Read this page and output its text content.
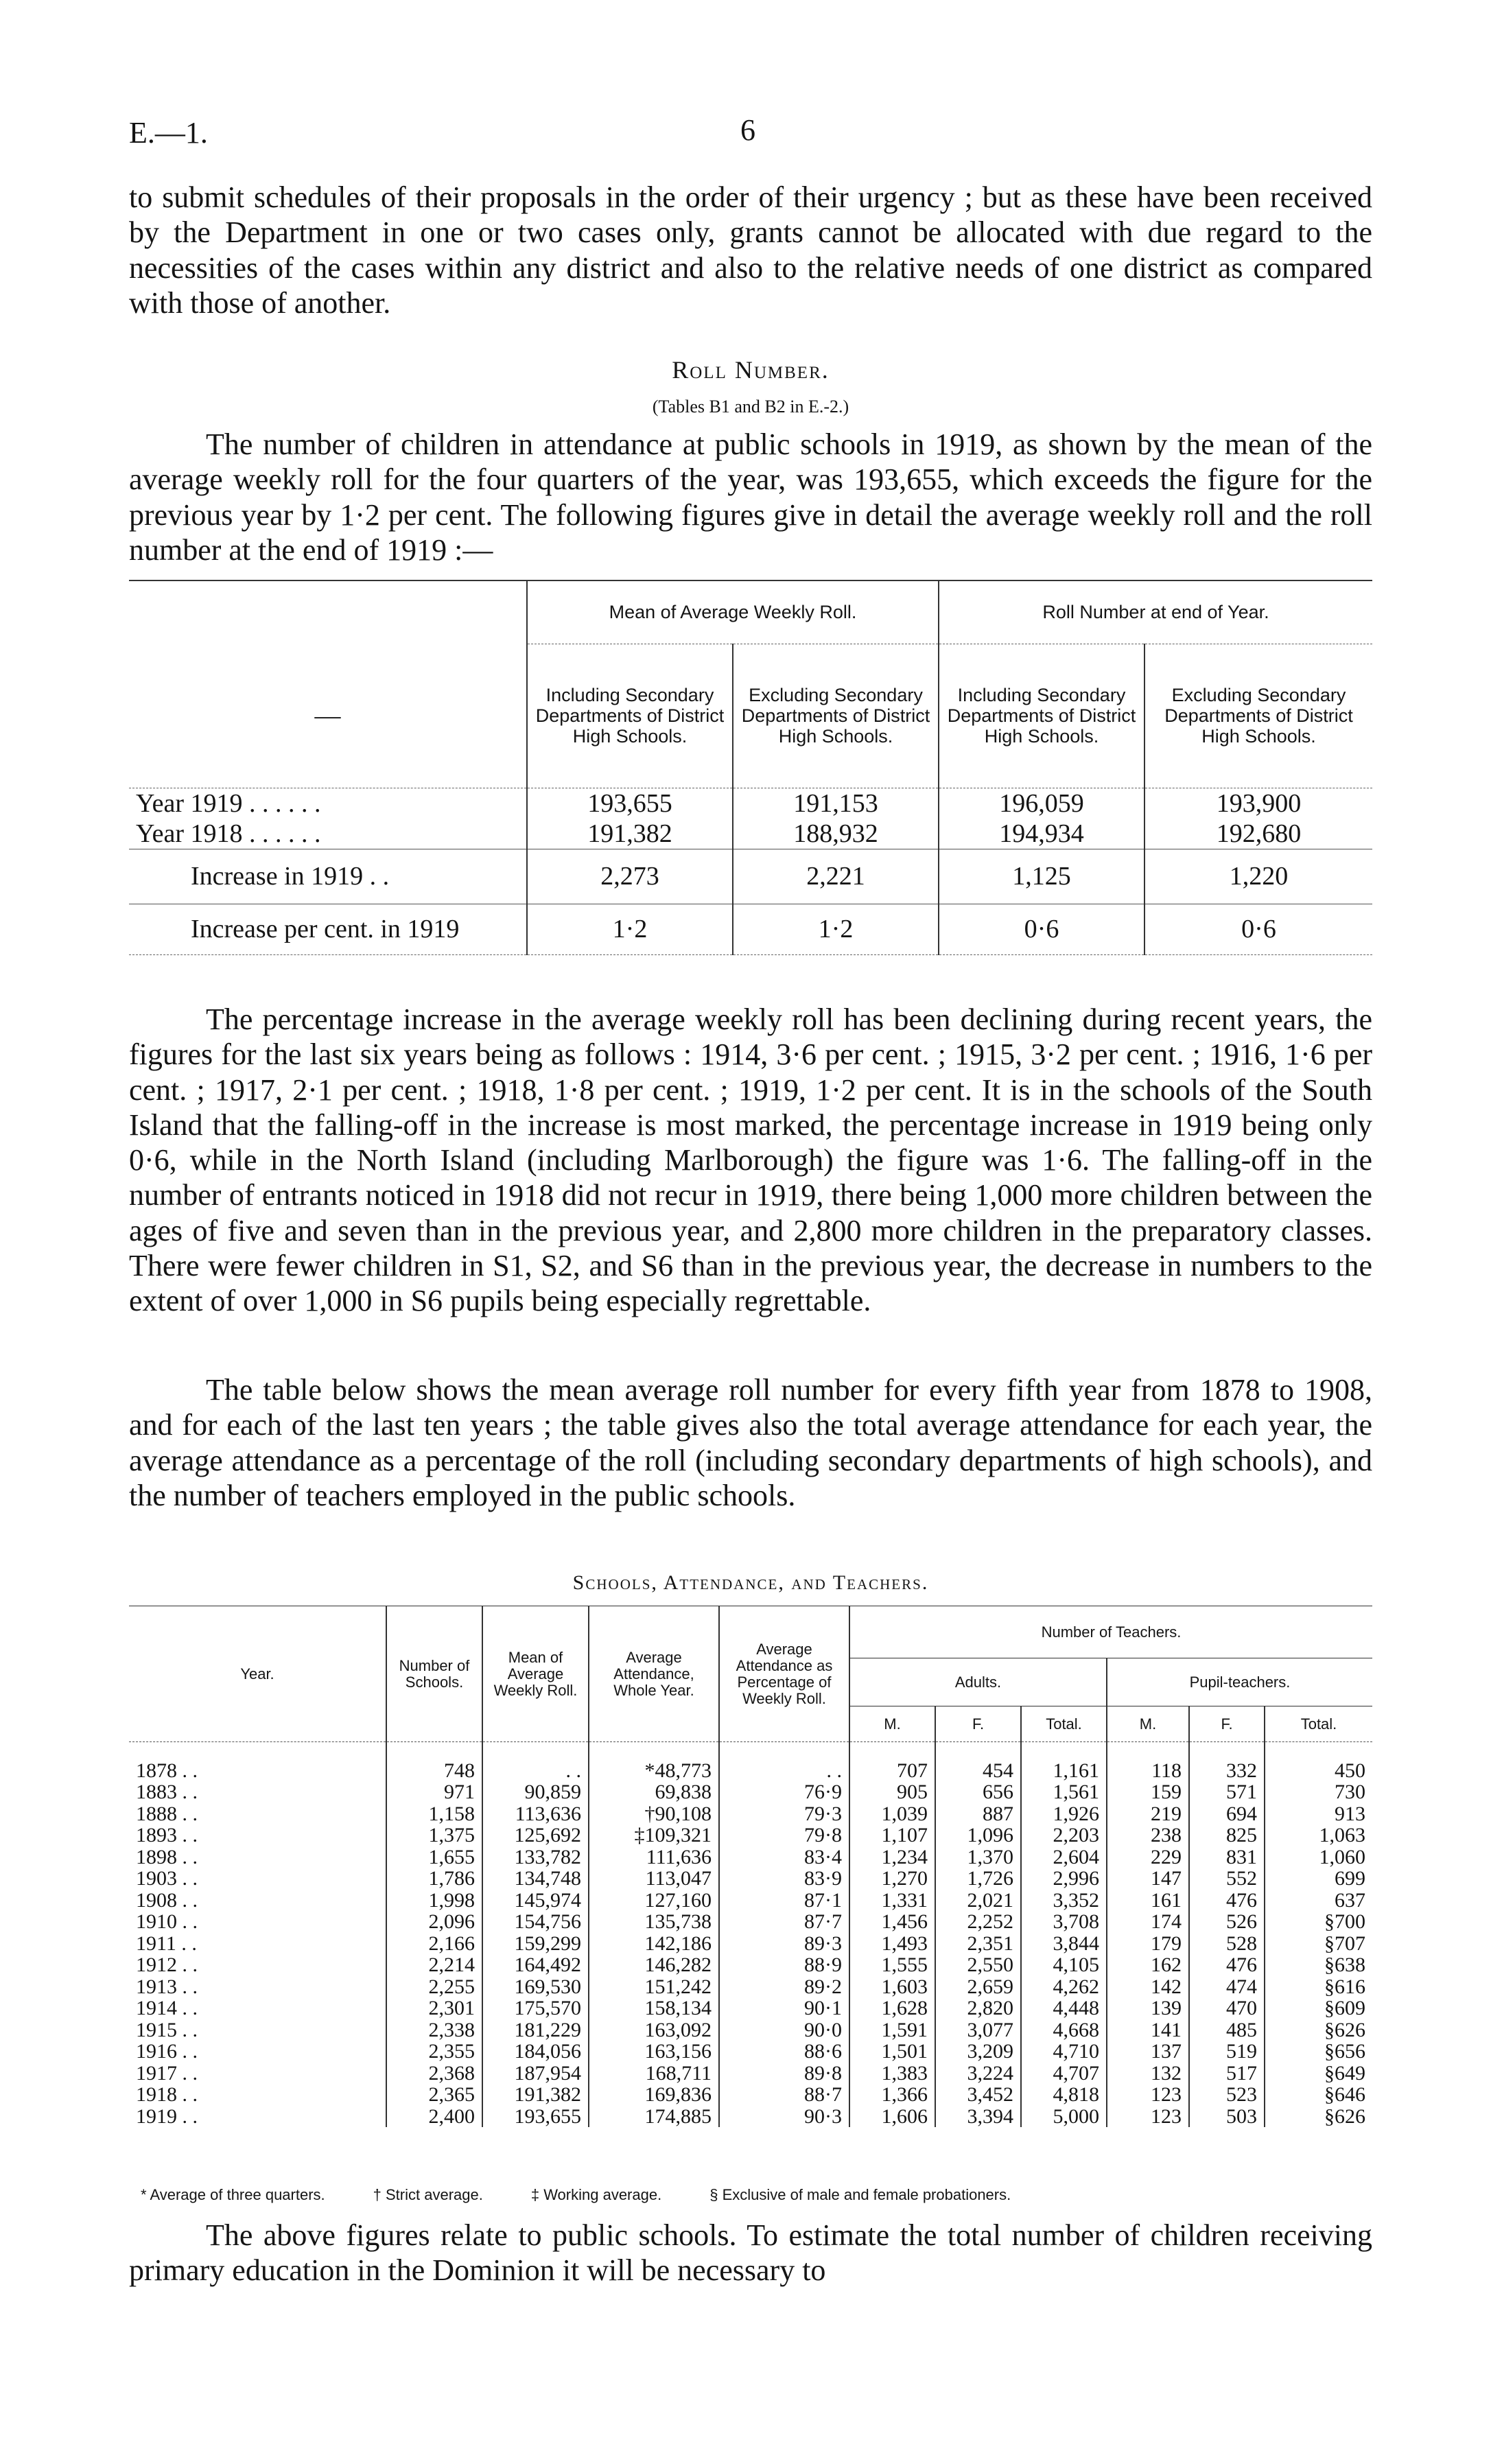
E.—1.	6
to submit schedules of their proposals in the order of their urgency ; but as these have been received by the Department in one or two cases only, grants cannot be allocated with due regard to the necessities of the cases within any district and also to the relative needs of one district as compared with those of another.
Roll Number.
(Tables B1 and B2 in E.-2.)
The number of children in attendance at public schools in 1919, as shown by the mean of the average weekly roll for the four quarters of the year, was 193,655, which exceeds the figure for the previous year by 1·2 per cent. The following figures give in detail the average weekly roll and the roll number at the end of 1919 :—
	Mean of Average Weekly Roll.		Roll Number at end of Year.	
—	Including Secondary Departments of District High Schools.	Excluding Secondary Departments of District High Schools.	Including Secondary Departments of District High Schools.	Excluding Secondary Departments of District High Schools.
Year 1919 . . . . . .	193,655	191,153	196,059	193,900
Year 1918 . . . . . .	191,382	188,932	194,934	192,680
Increase in 1919 . .	2,273	2,221	1,125	1,220
Increase per cent. in 1919	1·2	1·2	0·6	0·6
The percentage increase in the average weekly roll has been declining during recent years, the figures for the last six years being as follows : 1914, 3·6 per cent. ; 1915, 3·2 per cent. ; 1916, 1·6 per cent. ; 1917, 2·1 per cent. ; 1918, 1·8 per cent. ; 1919, 1·2 per cent. It is in the schools of the South Island that the falling-off in the increase is most marked, the percentage increase in 1919 being only 0·6, while in the North Island (including Marlborough) the figure was 1·6. The falling-off in the number of entrants noticed in 1918 did not recur in 1919, there being 1,000 more children between the ages of five and seven than in the previous year, and 2,800 more children in the preparatory classes. There were fewer children in S1, S2, and S6 than in the previous year, the decrease in numbers to the extent of over 1,000 in S6 pupils being especially regrettable.
The table below shows the mean average roll number for every fifth year from 1878 to 1908, and for each of the last ten years ; the table gives also the total average attendance for each year, the average attendance as a percentage of the roll (including secondary departments of high schools), and the number of teachers employed in the public schools.
Schools, Attendance, and Teachers.
Year.	Number of Schools.	Mean of Average Weekly Roll.	Average Attendance, Whole Year.	Average Attendance as Percentage of Weekly Roll.	Number of Teachers.					
					Adults.			Pupil-teachers.		
					M.	F.	Total.	M.	F.	Total.

1878 . .	748	. .	*48,773	. .	707	454	1,161	118	332	450
1883 . .	971	90,859	69,838	76·9	905	656	1,561	159	571	730
1888 . .	1,158	113,636	†90,108	79·3	1,039	887	1,926	219	694	913
1893 . .	1,375	125,692	‡109,321	79·8	1,107	1,096	2,203	238	825	1,063
1898 . .	1,655	133,782	111,636	83·4	1,234	1,370	2,604	229	831	1,060
1903 . .	1,786	134,748	113,047	83·9	1,270	1,726	2,996	147	552	699
1908 . .	1,998	145,974	127,160	87·1	1,331	2,021	3,352	161	476	637
1910 . .	2,096	154,756	135,738	87·7	1,456	2,252	3,708	174	526	§700
1911 . .	2,166	159,299	142,186	89·3	1,493	2,351	3,844	179	528	§707
1912 . .	2,214	164,492	146,282	88·9	1,555	2,550	4,105	162	476	§638
1913 . .	2,255	169,530	151,242	89·2	1,603	2,659	4,262	142	474	§616
1914 . .	2,301	175,570	158,134	90·1	1,628	2,820	4,448	139	470	§609
1915 . .	2,338	181,229	163,092	90·0	1,591	3,077	4,668	141	485	§626
1916 . .	2,355	184,056	163,156	88·6	1,501	3,209	4,710	137	519	§656
1917 . .	2,368	187,954	168,711	89·8	1,383	3,224	4,707	132	517	§649
1918 . .	2,365	191,382	169,836	88·7	1,366	3,452	4,818	123	523	§646
1919 . .	2,400	193,655	174,885	90·3	1,606	3,394	5,000	123	503	§626
* Average of three quarters.	† Strict average.	‡ Working average.	§ Exclusive of male and female probationers.
The above figures relate to public schools. To estimate the total number of children receiving primary education in the Dominion it will be necessary to
